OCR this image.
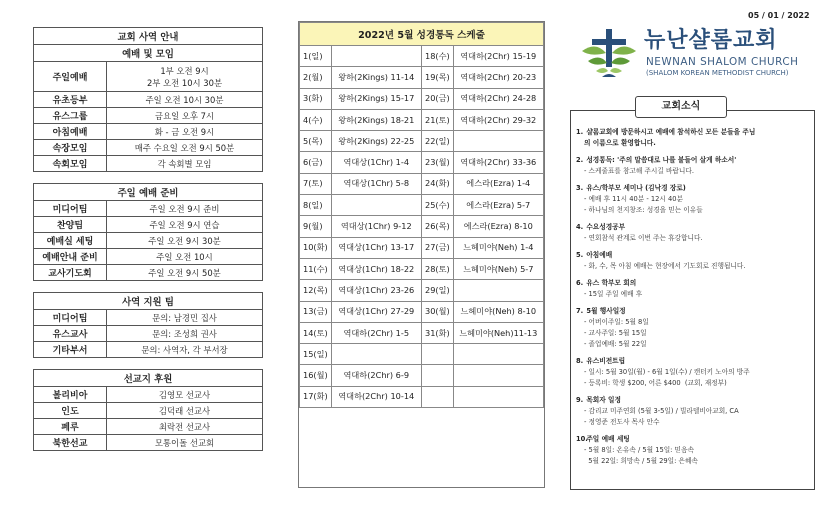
교회 사역 안내	
예배 및 모임	
주일예배	1부 오전 9시
2부 오전 10시 30분

유초등부	주일 오전 10시 30분
유스그룹	금요일 오후 7시
아침예배	화 - 금 오전 9시
속장모임	매주 수요일 오전 9시 50분
속회모임	각 속회별 모임
주일 예배 준비	
미디어팀	주일 오전 9시 준비
찬양팀	주일 오전 9시 연습
예배실 세팅	주일 오전 9시 30분
예배안내 준비	주일 오전 10시
교사기도회	주일 오전 9시 50분
사역 지원 팀	
미디어팀	문의: 남경민 집사
유스교사	문의: 조성희 권사
기타부서	문의: 사역자, 각 부서장
선교지 후원	
볼리비아	김영모 선교사
인도	김덕래 선교사
페루	최락전 선교사
북한선교	모통이돌 선교회
2022년 5월 성경통독 스케줄			
1(일)		18(수)	역대하(2Chr) 15-19
2(월)	왕하(2Kings) 11-14	19(목)	역대하(2Chr) 20-23
3(화)	왕하(2Kings) 15-17	20(금)	역대하(2Chr) 24-28
4(수)	왕하(2Kings) 18-21	21(토)	역대하(2Chr) 29-32
5(목)	왕하(2Kings) 22-25	22(일)	
6(금)	역대상(1Chr) 1-4	23(월)	역대하(2Chr) 33-36
7(토)	역대상(1Chr) 5-8	24(화)	에스라(Ezra) 1-4
8(일)		25(수)	에스라(Ezra) 5-7
9(월)	역대상(1Chr) 9-12	26(목)	에스라(Ezra) 8-10
10(화)	역대상(1Chr) 13-17	27(금)	느헤미야(Neh) 1-4
11(수)	역대상(1Chr) 18-22	28(토)	느헤미야(Neh) 5-7
12(목)	역대상(1Chr) 23-26	29(일)	
13(금)	역대상(1Chr) 27-29	30(월)	느헤미야(Neh) 8-10
14(토)	역대하(2Chr) 1-5	31(화)	느헤미야(Neh)11-13
15(일)			
16(월)	역대하(2Chr) 6-9		
17(화)	역대하(2Chr) 10-14		
05 / 01 / 2022
뉴난샬롬교회
NEWNAN SHALOM CHURCH
(SHALOM KOREAN METHODIST CHURCH)
교회소식
1. 샬롬교회에 방문하시고 예배에 참석하신 모든 분들을 주님
의 이름으로 환영합니다.
2. 성경통독: '주의 말씀대로 나를 붙들어 살게 하소서'
- 스케줄표를 참고해 주시길 바랍니다.
3. 유스/학부모 세미나 (김낙경 장로)
- 예배 후 11시 40분 - 12시 40분
- 하나님의 천지창조: 성경을 믿는 이유들
4. 수요성경공부
- 연회참석 관계로 이번 주는 휴강합니다.
5. 아침예배
- 화, 수, 목 아침 예배는 현장에서 기도회로 진행됩니다.
6. 유스 학부모 회의
- 15일 주일 예배 후
7. 5월 행사일정
- 어버이주일: 5월 8일
- 교사주일: 5월 15일
- 졸업예배: 5월 22일
8. 유스비전트립
- 일시: 5월 30일(월) - 6월 1일(수) / 캔터키 노아의 방주
- 등록비: 학생 $200, 어른 $400  (교회, 재정부)
9. 목회자 일정
- 감리교 미주연회 (5월 3-5일) / 빌라델비아교회, CA
- 정영준 전도사 목사 안수
10. 주일 예배 세팅
- 5월 8일: 온유속 / 5월 15일: 믿음속
5월 22일: 희망속 / 5월 29일: 은혜속
